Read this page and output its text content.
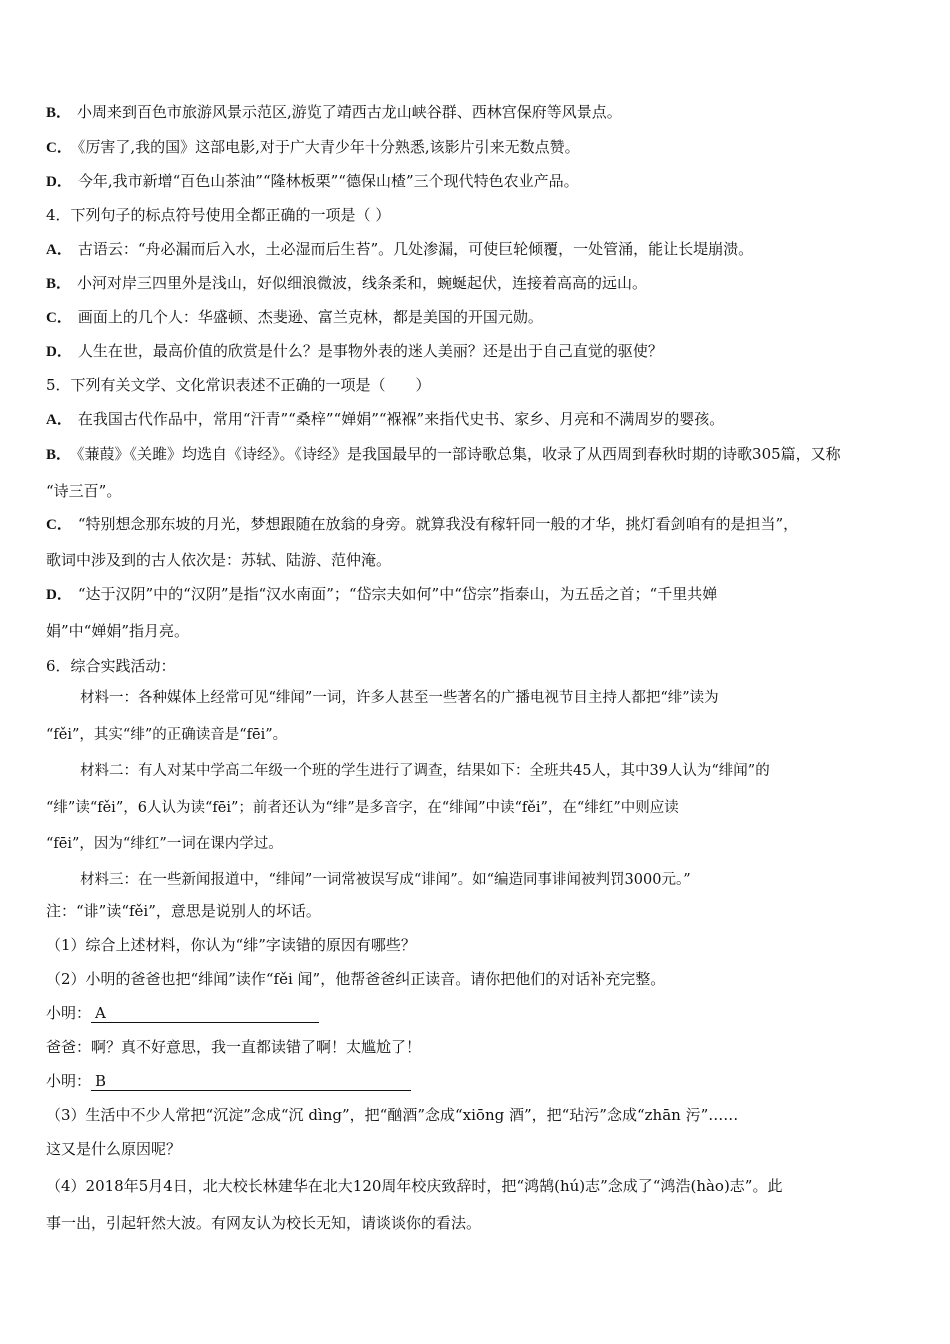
B． 小周来到百色市旅游风景示范区,游览了靖西古龙山峡谷群、西林宫保府等风景点。
C． 《厉害了,我的国》这部电影,对于广大青少年十分熟悉,该影片引来无数点赞。
D． 今年,我市新增“百色山茶油”“隆林板栗”“德保山楂”三个现代特色农业产品。
4．下列句子的标点符号使用全都正确的一项是（ ）
A． 古语云：“舟必漏而后入水，土必湿而后生苔”。几处渗漏，可使巨轮倾覆，一处管涌，能让长堤崩溃。
B． 小河对岸三四里外是浅山，好似细浪微波，线条柔和，蜿蜒起伏，连接着高高的远山。
C． 画面上的几个人：华盛顿、杰斐逊、富兰克林，都是美国的开国元勋。
D． 人生在世，最高价值的欣赏是什么？是事物外表的迷人美丽？还是出于自己直觉的驱使？
5．下列有关文学、文化常识表述不正确的一项是（　　）
A． 在我国古代作品中，常用“汗青”“桑梓”“婵娟”“褓褓”来指代史书、家乡、月亮和不满周岁的婴孩。
B． 《蒹葭》《关雎》均选自《诗经》。《诗经》是我国最早的一部诗歌总集，收录了从西周到春秋时期的诗歌305篇，又称
“诗三百”。
C． “特别想念那东坡的月光，梦想跟随在放翁的身旁。就算我没有稼轩同一般的才华，挑灯看剑咱有的是担当”，
歌词中涉及到的古人依次是：苏轼、陆游、范仲淹。
D． “达于汉阴”中的“汉阴”是指“汉水南面”；“岱宗夫如何”中“岱宗”指泰山，为五岳之首；“千里共婵
娟”中“婵娟”指月亮。
6．综合实践活动：
材料一：各种媒体上经常可见“绯闻”一词，许多人甚至一些著名的广播电视节目主持人都把“绯”读为
“fěi”，其实“绯”的正确读音是“fēi”。
材料二：有人对某中学高二年级一个班的学生进行了调查，结果如下：全班共45人，其中39人认为“绯闻”的
“绯”读“fěi”，6人认为读“fēi”；前者还认为“绯”是多音字，在“绯闻”中读“fěi”，在“绯红”中则应读
“fēi”，因为“绯红”一词在课内学过。
材料三：在一些新闻报道中，“绯闻”一词常被误写成“诽闻”。如“编造同事诽闻被判罚3000元。”
注：“诽”读“fěi”，意思是说别人的坏话。
（1）综合上述材料，你认为“绯”字读错的原因有哪些？
（2）小明的爸爸也把“绯闻”读作“fěi 闻”，他帮爸爸纠正读音。请你把他们的对话补充完整。
小明： A
爸爸：啊？真不好意思，我一直都读错了啊！太尴尬了！
小明： B
（3）生活中不少人常把“沉淀”念成“沉 dìng”，把“酗酒”念成“xiōng 酒”，把“玷污”念成“zhān 污”……
这又是什么原因呢？
（4）2018年5月4日，北大校长林建华在北大120周年校庆致辞时，把“鸿鹄(hú)志”念成了“鸿浩(hào)志”。此
事一出，引起轩然大波。有网友认为校长无知，请谈谈你的看法。
